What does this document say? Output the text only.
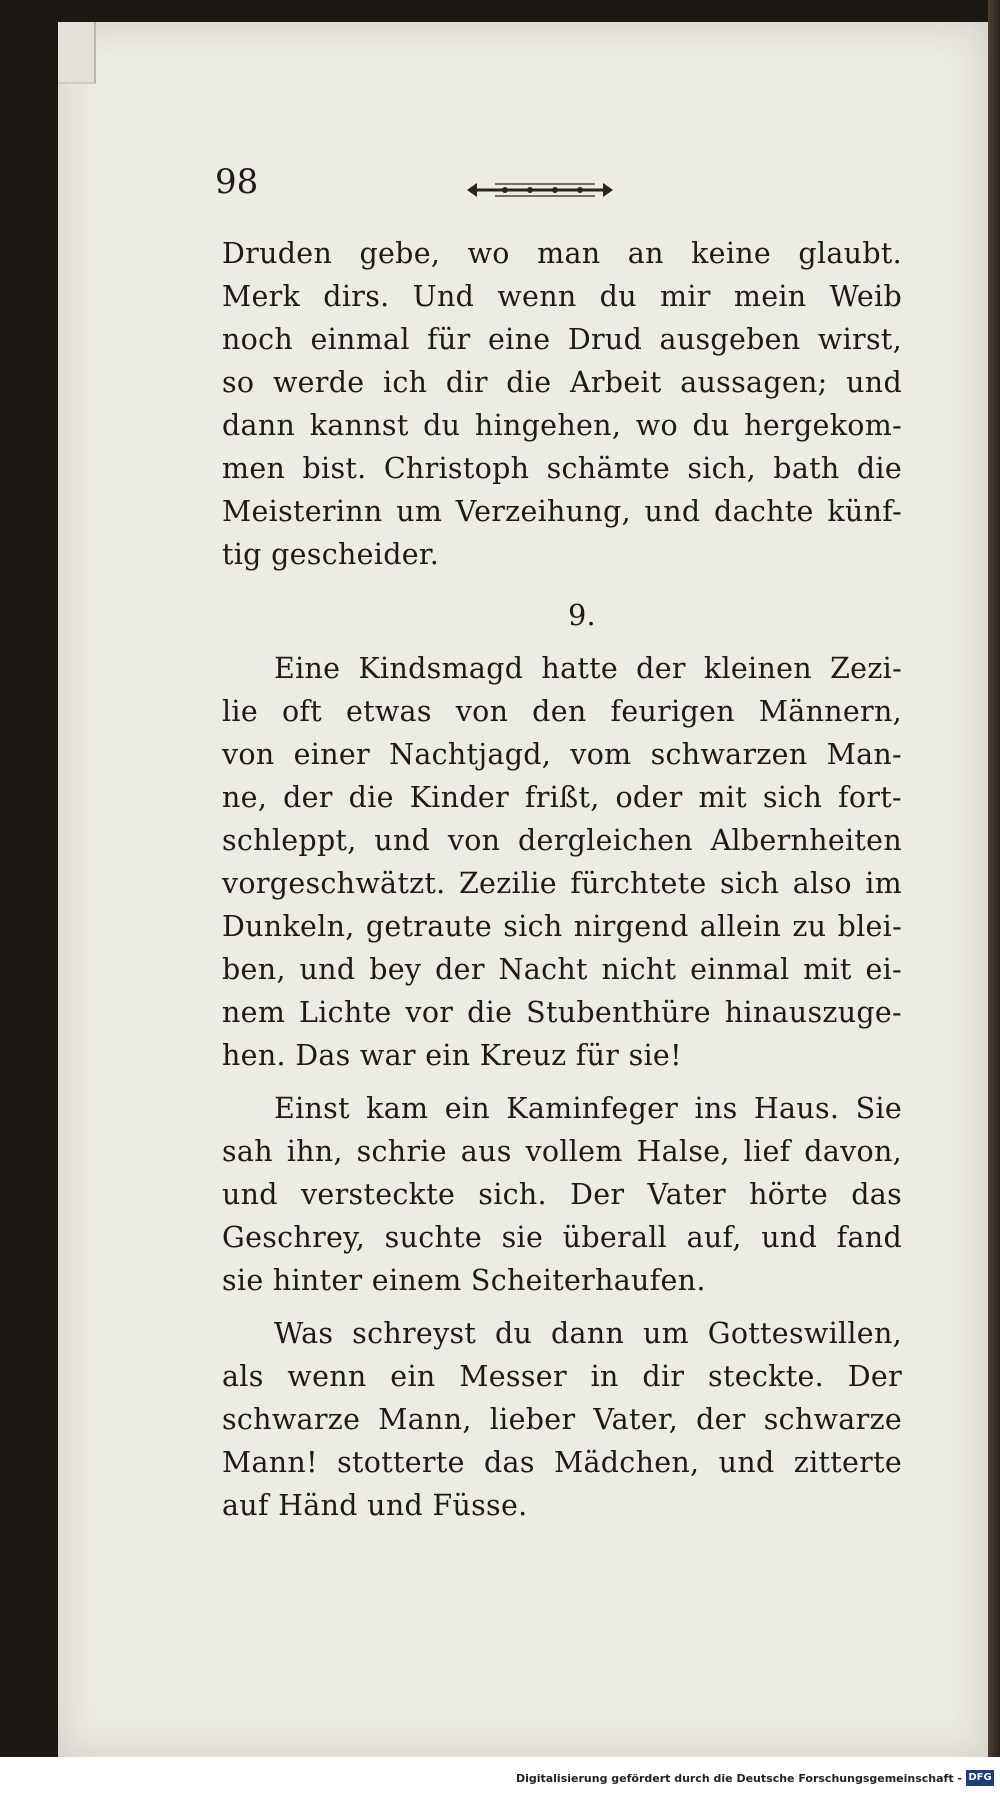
98
Druden gebe, wo man an keine glaubt.
Merk dirs. Und wenn du mir mein Weib
noch einmal für eine Drud ausgeben wirst,
so werde ich dir die Arbeit aussagen; und
dann kannst du hingehen, wo du hergekom-
men bist. Christoph schämte sich, bath die
Meisterinn um Verzeihung, und dachte künf-
tig gescheider.
9.
Eine Kindsmagd hatte der kleinen Zezi-
lie oft etwas von den feurigen Männern,
von einer Nachtjagd, vom schwarzen Man-
ne, der die Kinder frißt, oder mit sich fort-
schleppt, und von dergleichen Albernheiten
vorgeschwätzt. Zezilie fürchtete sich also im
Dunkeln, getraute sich nirgend allein zu blei-
ben, und bey der Nacht nicht einmal mit ei-
nem Lichte vor die Stubenthüre hinauszuge-
hen. Das war ein Kreuz für sie!
Einst kam ein Kaminfeger ins Haus. Sie
sah ihn, schrie aus vollem Halse, lief davon,
und versteckte sich. Der Vater hörte das
Geschrey, suchte sie überall auf, und fand
sie hinter einem Scheiterhaufen.
Was schreyst du dann um Gotteswillen,
als wenn ein Messer in dir steckte. Der
schwarze Mann, lieber Vater, der schwarze
Mann! stotterte das Mädchen, und zitterte
auf Händ und Füsse.
Digitalisierung gefördert durch die Deutsche Forschungsgemeinschaft - DFG
